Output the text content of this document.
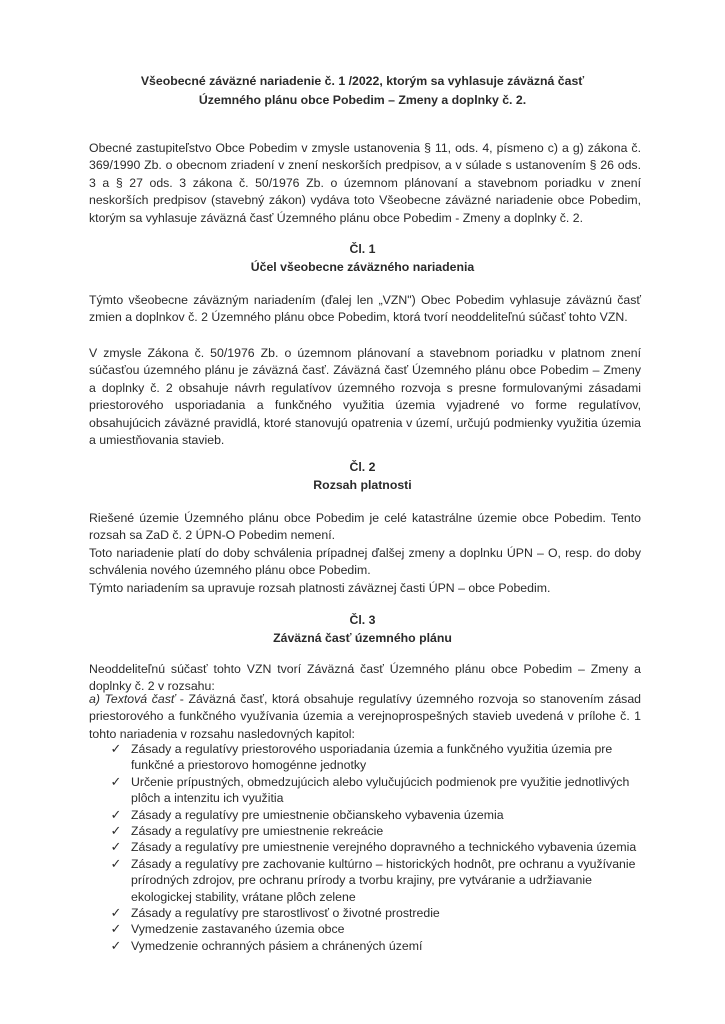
Všeobecné záväzné nariadenie č. 1 /2022, ktorým sa vyhlasuje záväzná časť
Územného plánu obce Pobedim – Zmeny a doplnky č. 2.
Obecné zastupiteľstvo Obce Pobedim v zmysle ustanovenia § 11, ods. 4, písmeno c) a g) zákona č. 369/1990 Zb. o obecnom zriadení v znení neskorších predpisov, a v súlade s ustanovením § 26 ods. 3 a § 27 ods. 3 zákona č. 50/1976 Zb. o územnom plánovaní a stavebnom poriadku v znení neskorších predpisov (stavebný zákon) vydáva toto Všeobecne záväzné nariadenie obce Pobedim, ktorým sa vyhlasuje záväzná časť Územného plánu obce Pobedim - Zmeny a doplnky č. 2.
Čl. 1
Účel všeobecne záväzného nariadenia
Týmto všeobecne záväzným nariadením (ďalej len „VZN") Obec Pobedim vyhlasuje záväznú časť zmien a doplnkov č. 2 Územného plánu obce Pobedim, ktorá tvorí neoddeliteľnú súčasť tohto VZN.
V zmysle Zákona č. 50/1976 Zb. o územnom plánovaní a stavebnom poriadku v platnom znení súčasťou územného plánu je záväzná časť. Záväzná časť Územného plánu obce Pobedim – Zmeny a doplnky č. 2 obsahuje návrh regulatívov územného rozvoja s presne formulovanými zásadami priestorového usporiadania a funkčného využitia územia vyjadrené vo forme regulatívov, obsahujúcich záväzné pravidlá, ktoré stanovujú opatrenia v území, určujú podmienky využitia územia a umiestňovania stavieb.
Čl. 2
Rozsah platnosti
Riešené územie Územného plánu obce Pobedim je celé katastrálne územie obce Pobedim. Tento rozsah sa ZaD č. 2 ÚPN-O Pobedim nemení.
Toto nariadenie platí do doby schválenia prípadnej ďalšej zmeny a doplnku ÚPN – O, resp. do doby schválenia nového územného plánu obce Pobedim.
Týmto nariadením sa upravuje rozsah platnosti záväznej časti ÚPN – obce Pobedim.
Čl. 3
Záväzná časť územného plánu
Neoddeliteľnú súčasť tohto VZN tvorí Záväzná časť Územného plánu obce Pobedim – Zmeny a doplnky č. 2 v rozsahu:
a) Textová časť - Záväzná časť, ktorá obsahuje regulatívy územného rozvoja so stanovením zásad priestorového a funkčného využívania územia a verejnoprospešných stavieb uvedená v prílohe č. 1 tohto nariadenia v rozsahu nasledovných kapitol:
✓ Zásady a regulatívy priestorového usporiadania územia a funkčného využitia územia pre funkčné a priestorovo homogénne jednotky
✓ Určenie prípustných, obmedzujúcich alebo vylučujúcich podmienok pre využitie jednotlivých plôch a intenzitu ich využitia
✓ Zásady a regulatívy pre umiestnenie občianskeho vybavenia územia
✓ Zásady a regulatívy pre umiestnenie rekreácie
✓ Zásady a regulatívy pre umiestnenie verejného dopravného a technického vybavenia územia
✓ Zásady a regulatívy pre zachovanie kultúrno – historických hodnôt, pre ochranu a využívanie prírodných zdrojov, pre ochranu prírody a tvorbu krajiny, pre vytváranie a udržiavanie ekologickej stability, vrátane plôch zelene
✓ Zásady a regulatívy pre starostlivosť o životné prostredie
✓ Vymedzenie zastavaného územia obce
✓ Vymedzenie ochranných pásiem a chránených území
